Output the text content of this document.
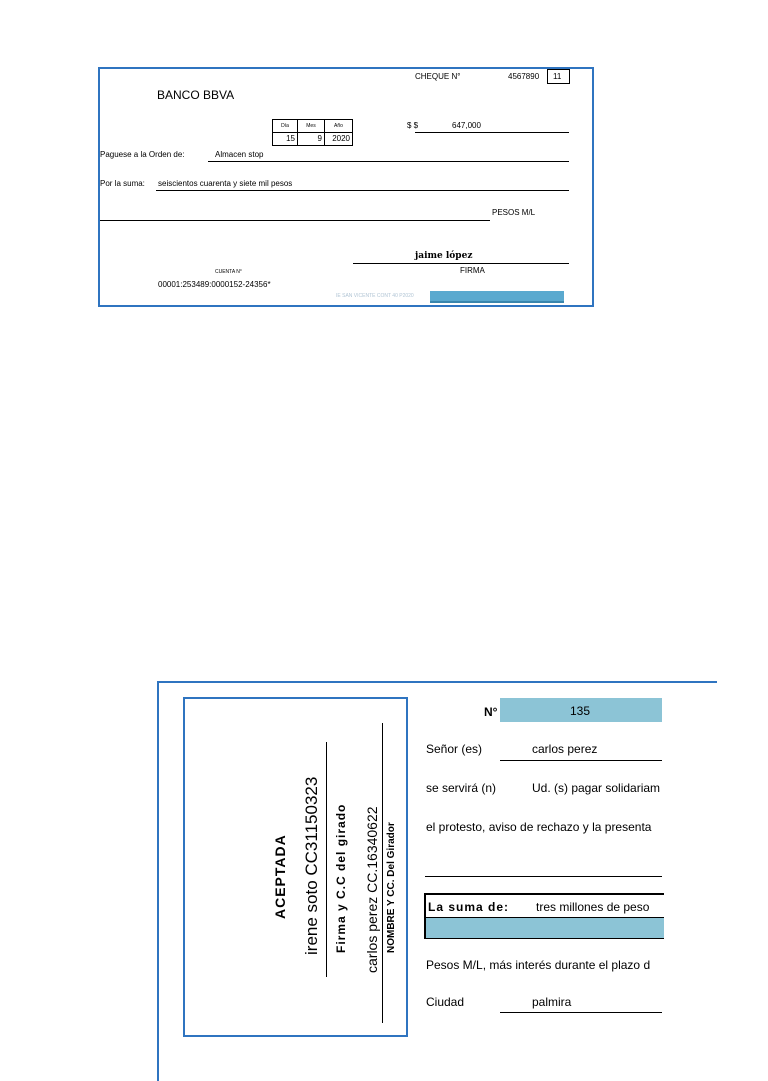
CHEQUE N°	4567890 11
BANCO BBVA
Día	Mes	Año
15	9	2020
$ $	647,000
Paguese a la Orden de:	Almacen stop
Por la suma: seiscientos cuarenta y siete mil pesos
PESOS M/L
jaime lópez
FIRMA
CUENTA N°
00001:253489:0000152-24356*
IE SAN VICENTE CONT 40 P2020
ACEPTADA irene soto CC31150323 Firma y C.C del girado carlos perez CC.16340622 NOMBRE Y CC. Del Girador
N°	135
Señor (es)	carlos perez
se servirá (n)	Ud. (s) pagar solidariam
el protesto, aviso de rechazo y la presenta
La suma de: tres millones de peso
Pesos M/L, más interés durante el plazo d
Ciudad	palmira
